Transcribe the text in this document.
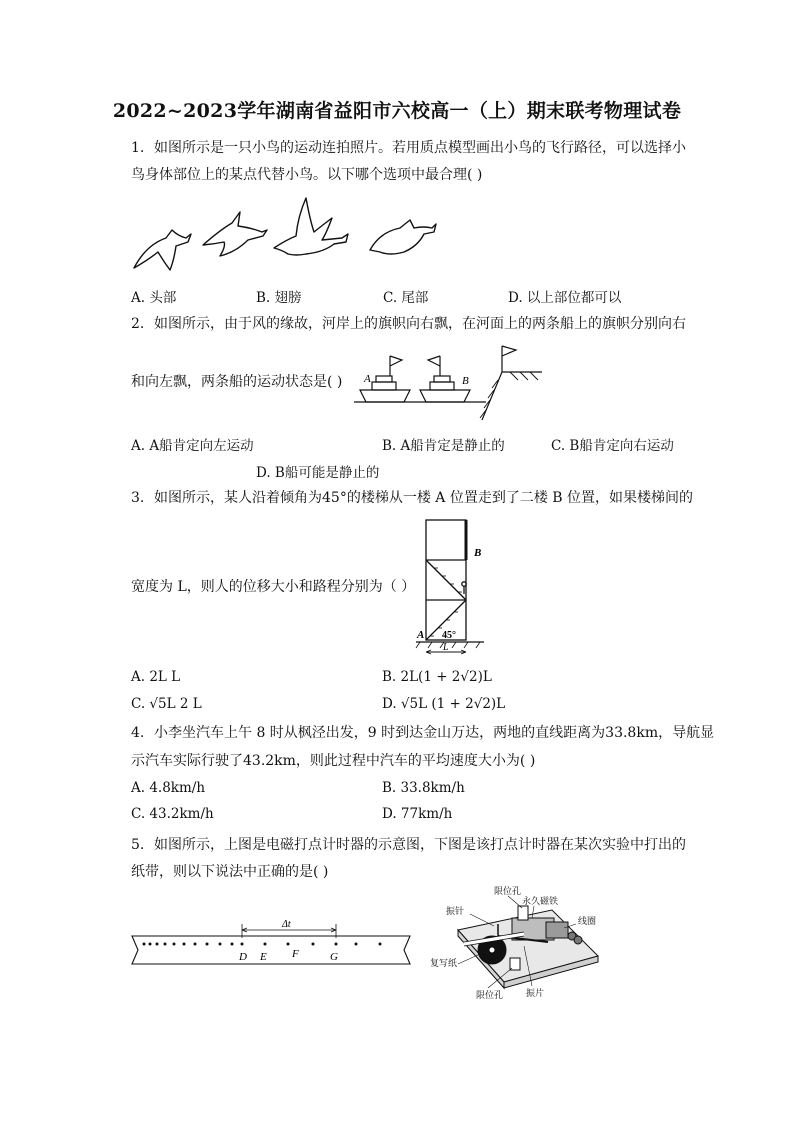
2022~2023学年湖南省益阳市六校高一（上）期末联考物理试卷
1. 如图所示是一只小鸟的运动连拍照片。若用质点模型画出小鸟的飞行路径，可以选择小
鸟身体部位上的某点代替小鸟。以下哪个选项中最合理( )
A. 头部	B. 翅膀	C. 尾部	D. 以上部位都可以
2. 如图所示，由于风的缘故，河岸上的旗帜向右飘，在河面上的两条船上的旗帜分别向右
和向左飘，两条船的运动状态是( ) A	B
A. A船肯定向左运动	B. A船肯定是静止的	C. B船肯定向右运动
D. B船可能是静止的
3. 如图所示，某人沿着倾角为45°的楼梯从一楼 A 位置走到了二楼 B 位置，如果楼梯间的
宽度为 L，则人的位移大小和路程分别为（ ）
A
B
45°
L
A. 2L L	B. 2L(1 + 2√2)L
C. √5L 2 L	D. √5L (1 + 2√2)L
4. 小李坐汽车上午 8 时从枫泾出发，9 时到达金山万达，两地的直线距离为33.8km，导航显
示汽车实际行驶了43.2km，则此过程中汽车的平均速度大小为( )
A. 4.8km/h	B. 33.8km/h
C. 43.2km/h	D. 77km/h
5. 如图所示，上图是电磁打点计时器的示意图，下图是该打点计时器在某次实验中打出的
纸带，则以下说法中正确的是( )
Δt
D E F	G
限位孔
永久磁铁
振针
线圈
复写纸
限位孔	振片
